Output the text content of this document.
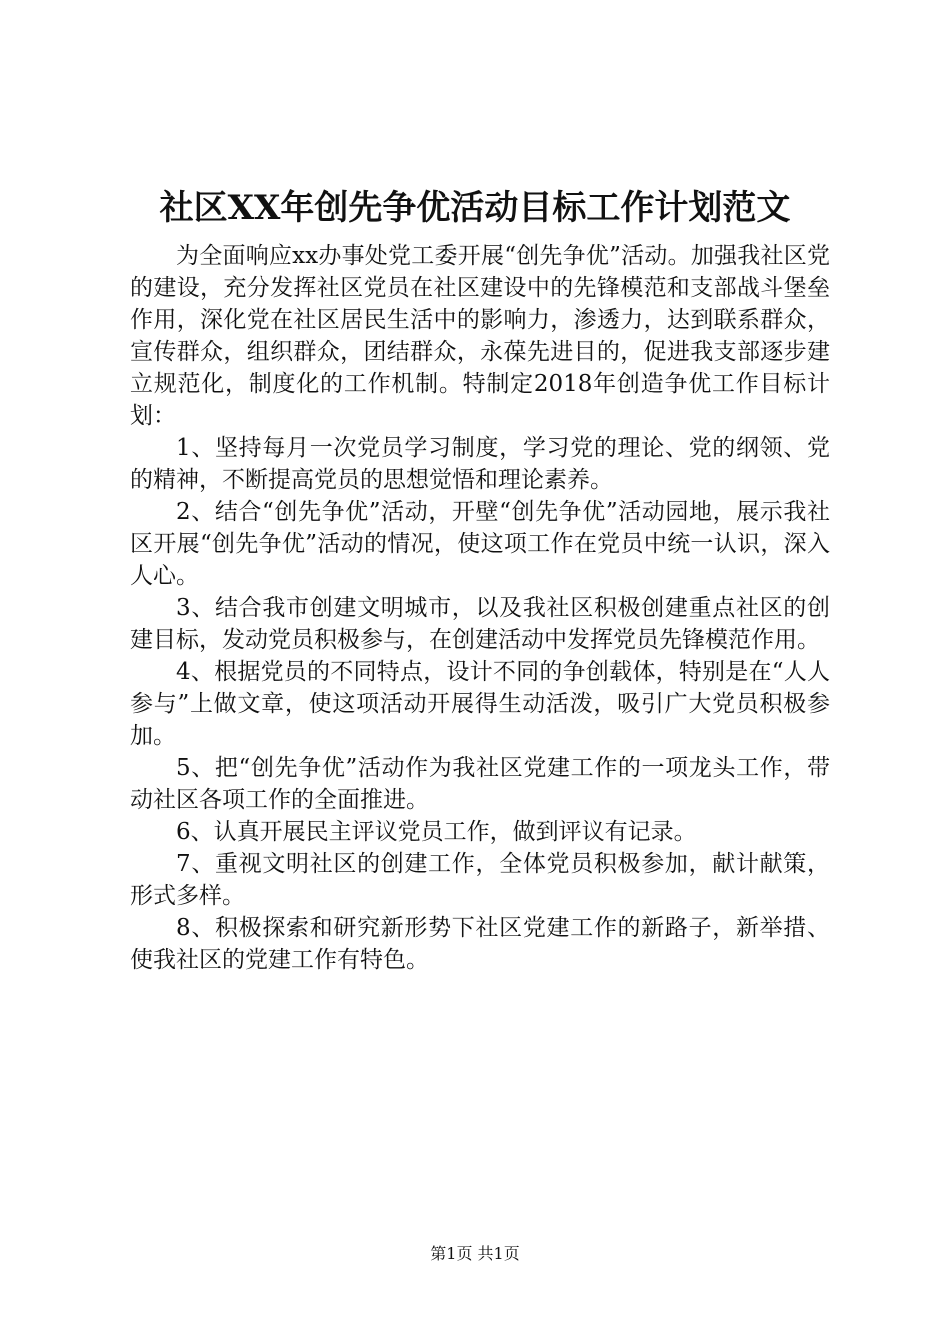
社区XX年创先争优活动目标工作计划范文

为全面响应xx办事处党工委开展“创先争优”活动。加强我社区党的建设，充分发挥社区党员在社区建设中的先锋模范和支部战斗堡垒作用，深化党在社区居民生活中的影响力，渗透力，达到联系群众，宣传群众，组织群众，团结群众，永葆先进目的，促进我支部逐步建立规范化，制度化的工作机制。特制定2018年创造争优工作目标计划：

1、坚持每月一次党员学习制度，学习党的理论、党的纲领、党的精神，不断提高党员的思想觉悟和理论素养。

2、结合“创先争优”活动，开壁“创先争优”活动园地，展示我社区开展“创先争优”活动的情况，使这项工作在党员中统一认识，深入人心。

3、结合我市创建文明城市，以及我社区积极创建重点社区的创建目标，发动党员积极参与，在创建活动中发挥党员先锋模范作用。

4、根据党员的不同特点，设计不同的争创载体，特别是在“人人参与”上做文章，使这项活动开展得生动活泼，吸引广大党员积极参加。

5、把“创先争优”活动作为我社区党建工作的一项龙头工作，带动社区各项工作的全面推进。

6、认真开展民主评议党员工作，做到评议有记录。

7、重视文明社区的创建工作，全体党员积极参加，献计献策，形式多样。

8、积极探索和研究新形势下社区党建工作的新路子，新举措、使我社区的党建工作有特色。

第1页 共1页
